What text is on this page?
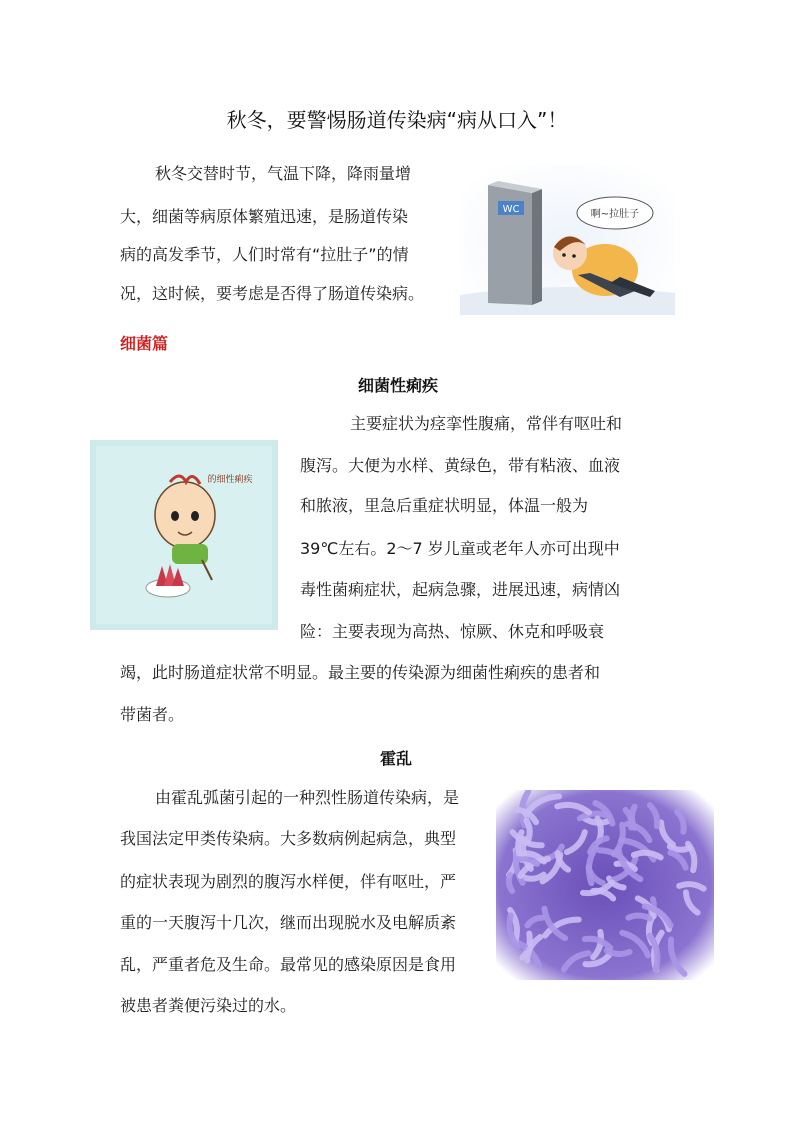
秋冬，要警惕肠道传染病“病从口入”！
秋冬交替时节，气温下降，降雨量增
大，细菌等病原体繁殖迅速，是肠道传染
病的高发季节，人们时常有“拉肚子”的情
况，这时候，要考虑是否得了肠道传染病。
WC	啊~拉肚子
细菌篇
细菌性痢疾
的细性痢疾
主要症状为痉挛性腹痛，常伴有呕吐和
腹泻。大便为水样、黄绿色，带有粘液、血液
和脓液，里急后重症状明显，体温一般为
39℃左右。2～7 岁儿童或老年人亦可出现中
毒性菌痢症状，起病急骤，进展迅速，病情凶
险：主要表现为高热、惊厥、休克和呼吸衰
竭，此时肠道症状常不明显。最主要的传染源为细菌性痢疾的患者和
带菌者。
霍乱
由霍乱弧菌引起的一种烈性肠道传染病，是
我国法定甲类传染病。大多数病例起病急，典型
的症状表现为剧烈的腹泻水样便，伴有呕吐，严
重的一天腹泻十几次，继而出现脱水及电解质紊
乱，严重者危及生命。最常见的感染原因是食用
被患者粪便污染过的水。
